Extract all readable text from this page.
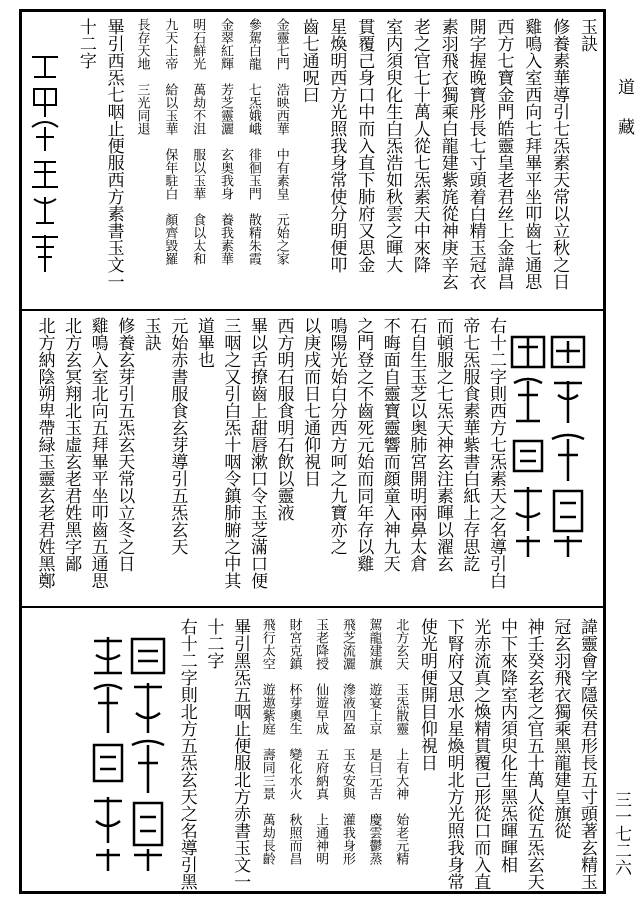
玉訣
修養素華導引七炁素天常以立秋之日
雞鳴入室西向七拜畢平坐叩齒七通思
西方七寶金門皓靈皇老君丝上金諱昌
開字握晚寶彤長七寸頭着白精玉冠衣
素羽飛衣獨乘白龍建紫旄從神庚辛玄
老之官七十萬人從七炁素天中來降
室内須臾化生白炁浩如秋雲之暉大
貫覆己身口中而入直下肺府又思金
星煥明西方光照我身常使分明便叩
齒七通呪曰
金靈七門　浩映西華　中有素皇　元始之家
參駕白龍　七炁娥峨　徘徊玉門　散精朱霞
金翠紅輝　芳芝靈灑　玄奥我身　養我素華
明石鮮光　萬劫不沮　服以玉華　食以太和
九天上帝　給以玉華　保年駐白　顏齊毀羅
長存天地　三光同退
畢引西炁七咽止便服西方素書玉文一
十二字
右十二字則西方七炁素天之名導引白
帝七炁服食素華紫書白紙上存思訖
而頓服之七炁天神玄注素暉以濯玄
石自生玉芝以奥肺宮開明兩鼻太倉
不晦面自靈寶靈響而顔童入神九天
之門登之不齒死元始而同年存以雞
鳴陽光始白分西方呵之九寶亦之
以庚戌而日七通仰視日
西方明石服食明石飲以靈液
畢以舌撩齒上甜唇漱口令玉芝滿口便
三咽之又引白炁十咽令鎮肺腑之中其
道畢也
元始赤書服食玄芽導引五炁玄天
玉訣
修養玄芽引五炁玄天常以立冬之日
雞鳴入室北向五拜畢平坐叩齒五通思
北方玄冥翔北玉虛玄老君姓黑字鄙
北方納陰朔卑帶緑玉靈玄老君姓黑鄭
諱靈會字隱侯君形長五寸頭著玄精玉
冠玄羽飛衣獨乘黑龍建皇旗從
神壬癸玄老之官五十萬人從五炁玄天
中下來降室内須臾化生黑炁暉暉相
光赤流真之煥精貫覆己形從口而入直
下腎府又思水星煥明北方光照我身常
使光明便開目仰視日
北方玄天　玉炁散靈　上有大神　始老元精
駕龍建旗　遊宴上京　是曰元吉　慶雲鬱蒸
飛芝流灑　滲液四盈　玉女安與　灌我身形
玉老降授　仙遊早成　五府納真　上通神明
財宮克鎮　杯芽奧生　變化水火　秋照而昌
飛行太空　遊遨紫庭　壽同三景　萬劫長齡
畢引黑炁五咽止便服北方赤書玉文一
十二字
右十二字則北方五炁玄天之名導引黑
道
藏
三一七二六
